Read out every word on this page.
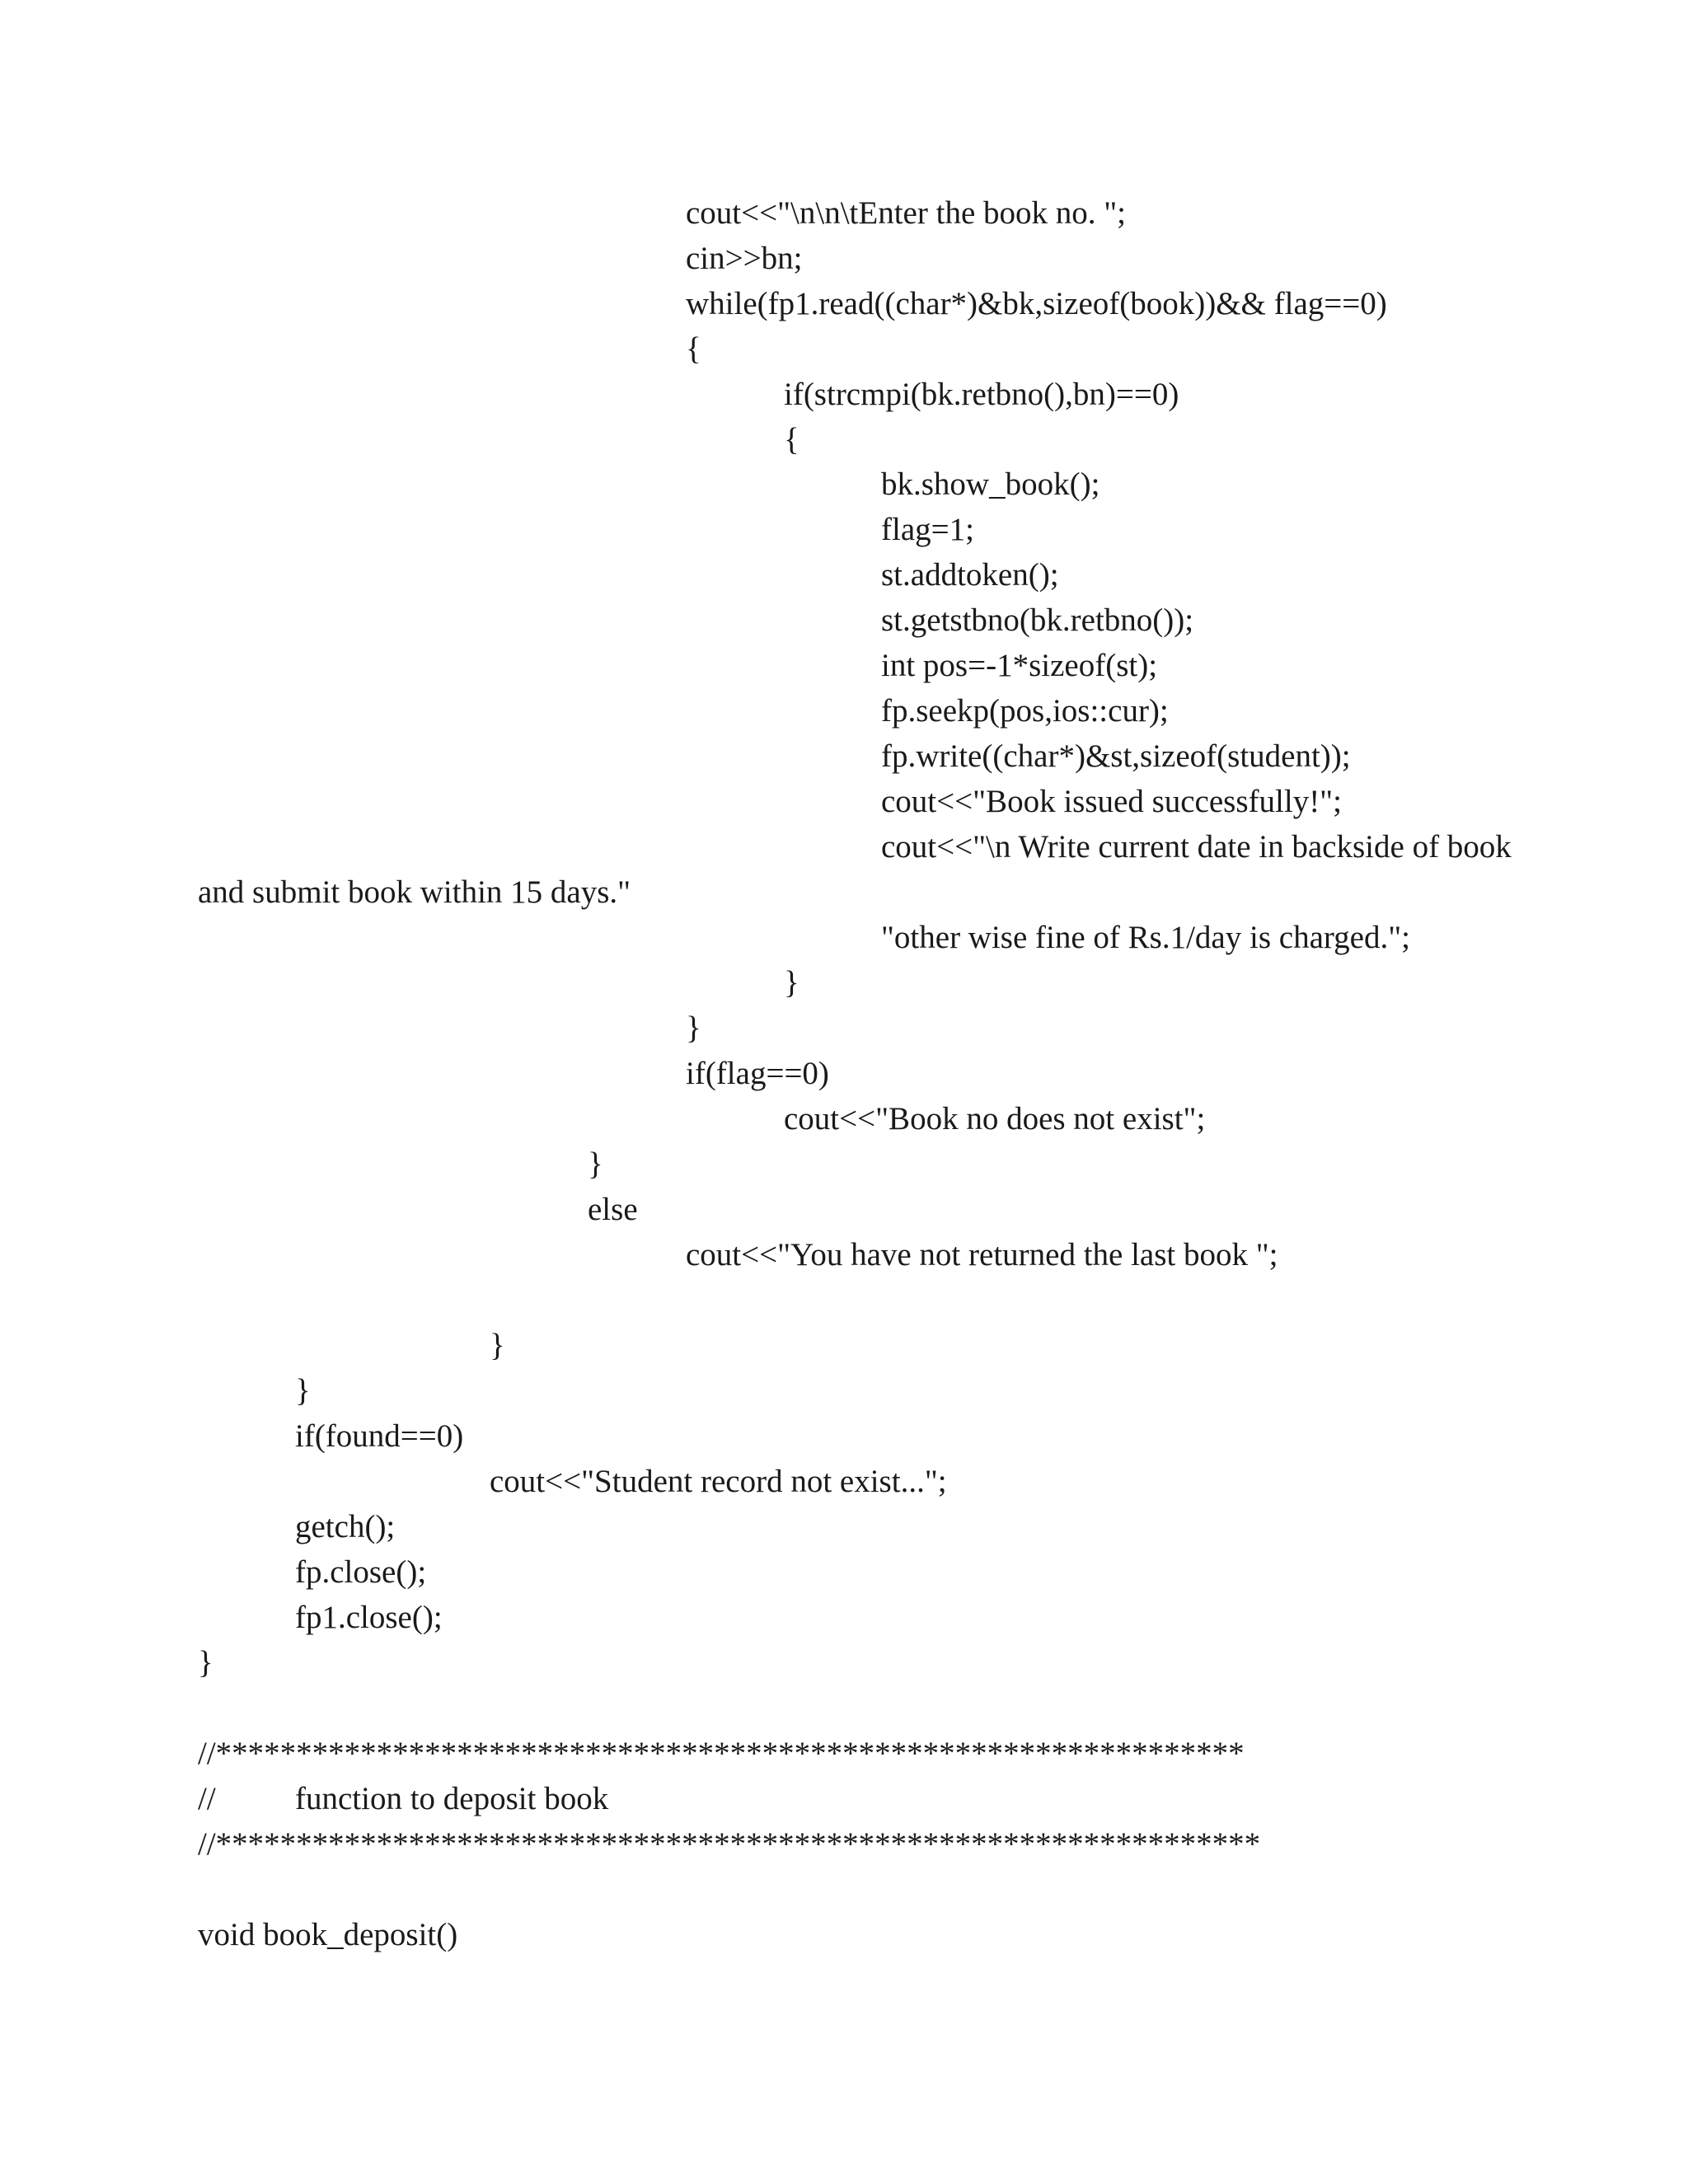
cout<<"\n\n\tEnter the book no. ";
cin>>bn;
while(fp1.read((char*)&bk,sizeof(book))&& flag==0)
{
if(strcmpi(bk.retbno(),bn)==0)
{
bk.show_book();
flag=1;
st.addtoken();
st.getstbno(bk.retbno());
int pos=-1*sizeof(st);
fp.seekp(pos,ios::cur);
fp.write((char*)&st,sizeof(student));
cout<<"Book issued successfully!";
cout<<"\n Write current date in backside of book
and submit book within 15 days."
"other wise fine of Rs.1/day is charged.";
}
}
if(flag==0)
cout<<"Book no does not exist";
}
else
cout<<"You have not returned the last book ";
}
}
if(found==0)
cout<<"Student record not exist...";
getch();
fp.close();
fp1.close();
}
//****************************************************************
// function to deposit book
//*****************************************************************
void book_deposit()
